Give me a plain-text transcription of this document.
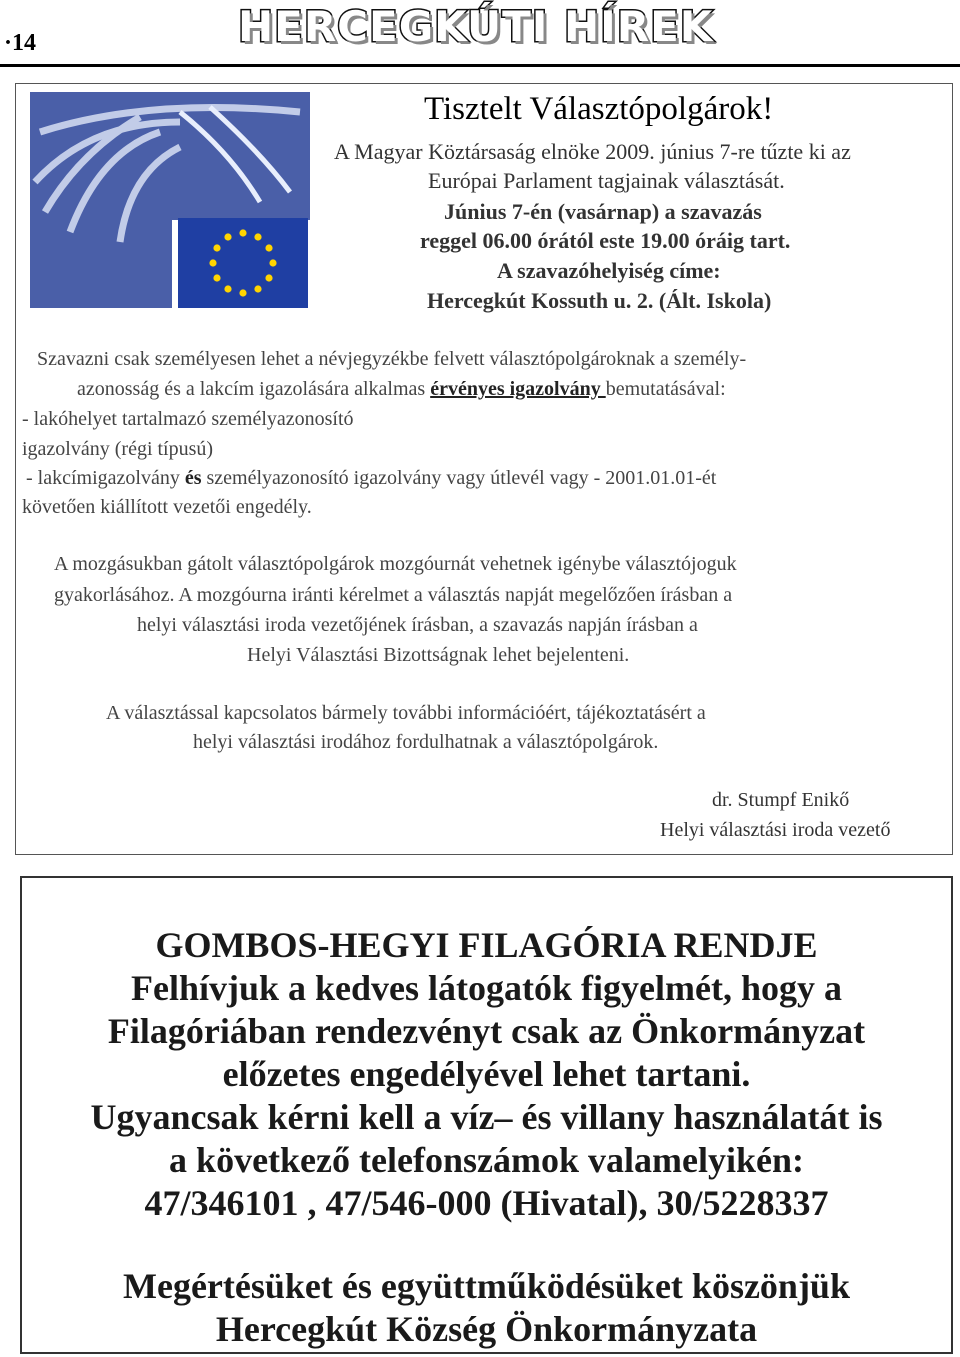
·14	HERCEGKÚTI HÍREK
Tisztelt Választópolgárok!
A Magyar Köztársaság elnöke 2009. június 7-re tűzte ki az
Európai Parlament tagjainak választását.
Június 7-én (vasárnap) a szavazás
reggel 06.00 órától este 19.00 óráig tart.
A szavazóhelyiség címe:
Hercegkút Kossuth u. 2. (Ált. Iskola)
Szavazni csak személyesen lehet a névjegyzékbe felvett választópolgároknak a személy-
azonosság és a lakcím igazolására alkalmas érvényes igazolvány bemutatásával:
- lakóhelyet tartalmazó személyazonosító
igazolvány (régi típusú)
- lakcímigazolvány és személyazonosító igazolvány vagy útlevél vagy - 2001.01.01-ét
követően kiállított vezetői engedély.
A mozgásukban gátolt választópolgárok mozgóurnát vehetnek igénybe választójoguk
gyakorlásához. A mozgóurna iránti kérelmet a választás napját megelőzően írásban a
helyi választási iroda vezetőjének írásban, a szavazás napján írásban a
Helyi Választási Bizottságnak lehet bejelenteni.
A választással kapcsolatos bármely további információért, tájékoztatásért a
helyi választási irodához fordulhatnak a választópolgárok.
dr. Stumpf Enikő
Helyi választási iroda vezető
GOMBOS-HEGYI FILAGÓRIA RENDJE
Felhívjuk a kedves látogatók figyelmét, hogy a
Filagóriában rendezvényt csak az Önkormányzat
előzetes engedélyével lehet tartani.
Ugyancsak kérni kell a víz– és villany használatát is
a következő telefonszámok valamelyikén:
47/346101 , 47/546-000 (Hivatal), 30/5228337
Megértésüket és együttműködésüket köszönjük
Hercegkút Község Önkormányzata
